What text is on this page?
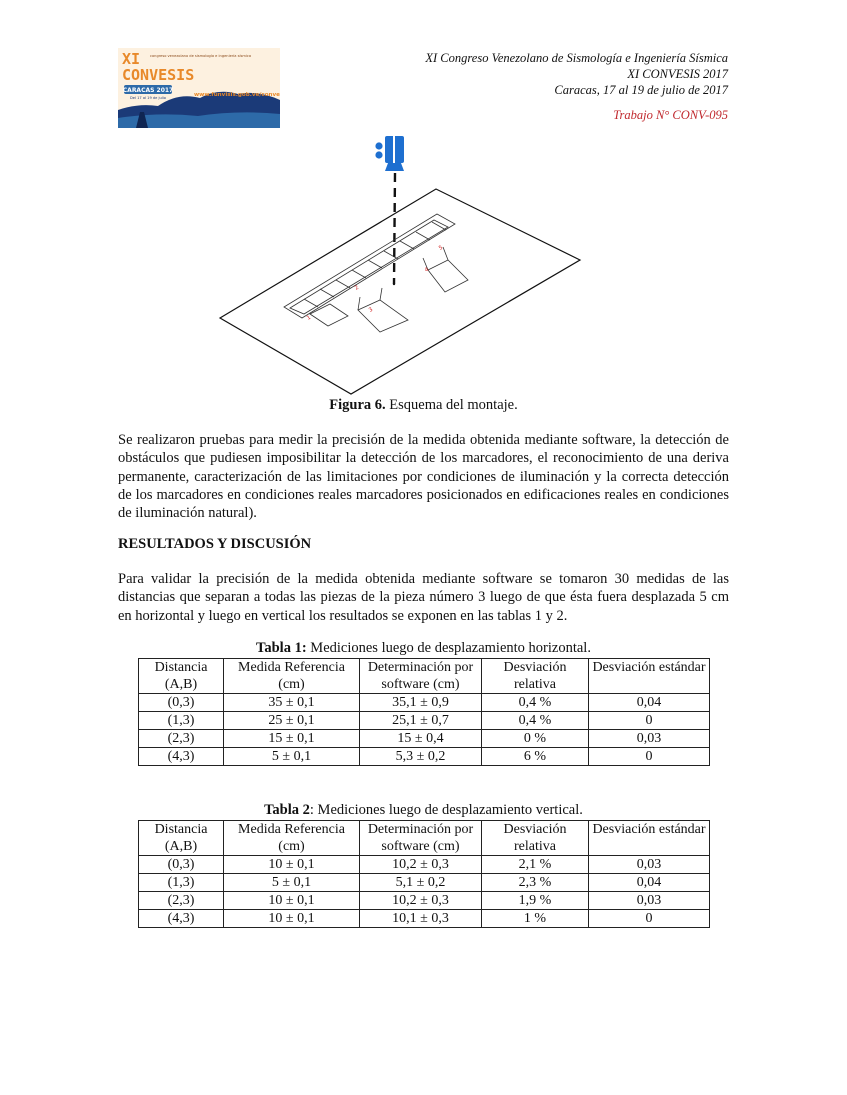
XI
CONVESIS
congreso venezolano de sismología e ingeniería sísmica
CARACAS 2017
Del 17 al 19 de julio	www.funvisis.gob.ve/convesis
XI Congreso Venezolano de Sismología e Ingeniería Sísmica
XI CONVESIS 2017
Caracas, 17 al 19 de julio de 2017
Trabajo N° CONV-095
1
2
3
4
5
Figura 6. Esquema del montaje.

Se realizaron pruebas para medir la precisión de la medida obtenida mediante software, la detección de obstáculos que pudiesen imposibilitar la detección de los marcadores, el reconocimiento de una deriva permanente, caracterización de las limitaciones por condiciones de iluminación y la correcta detección de los marcadores en condiciones reales marcadores posicionados en edificaciones reales en condiciones de iluminación natural).

RESULTADOS Y DISCUSIÓN

Para validar la precisión de la medida obtenida mediante software se tomaron 30 medidas de las distancias que separan a todas las piezas de la pieza número 3 luego de que ésta fuera desplazada 5 cm en horizontal y luego en vertical los resultados se exponen en las tablas 1 y 2.

Tabla 1: Mediciones luego de desplazamiento horizontal.
Distancia (A,B)	Medida Referencia (cm)	Determinación por software (cm)	Desviación relativa	Desviación estándar
(0,3)	35 ± 0,1	35,1 ± 0,9	0,4 %	0,04
(1,3)	25 ± 0,1	25,1 ± 0,7	0,4 %	0
(2,3)	15 ± 0,1	15 ± 0,4	0 %	0,03
(4,3)	5 ± 0,1	5,3 ± 0,2	6 %	0
Tabla 2: Mediciones luego de desplazamiento vertical.
Distancia (A,B)	Medida Referencia (cm)	Determinación por software (cm)	Desviación relativa	Desviación estándar
(0,3)	10 ± 0,1	10,2 ± 0,3	2,1 %	0,03
(1,3)	5 ± 0,1	5,1 ± 0,2	2,3 %	0,04
(2,3)	10 ± 0,1	10,2 ± 0,3	1,9 %	0,03
(4,3)	10 ± 0,1	10,1 ± 0,3	1 %	0
